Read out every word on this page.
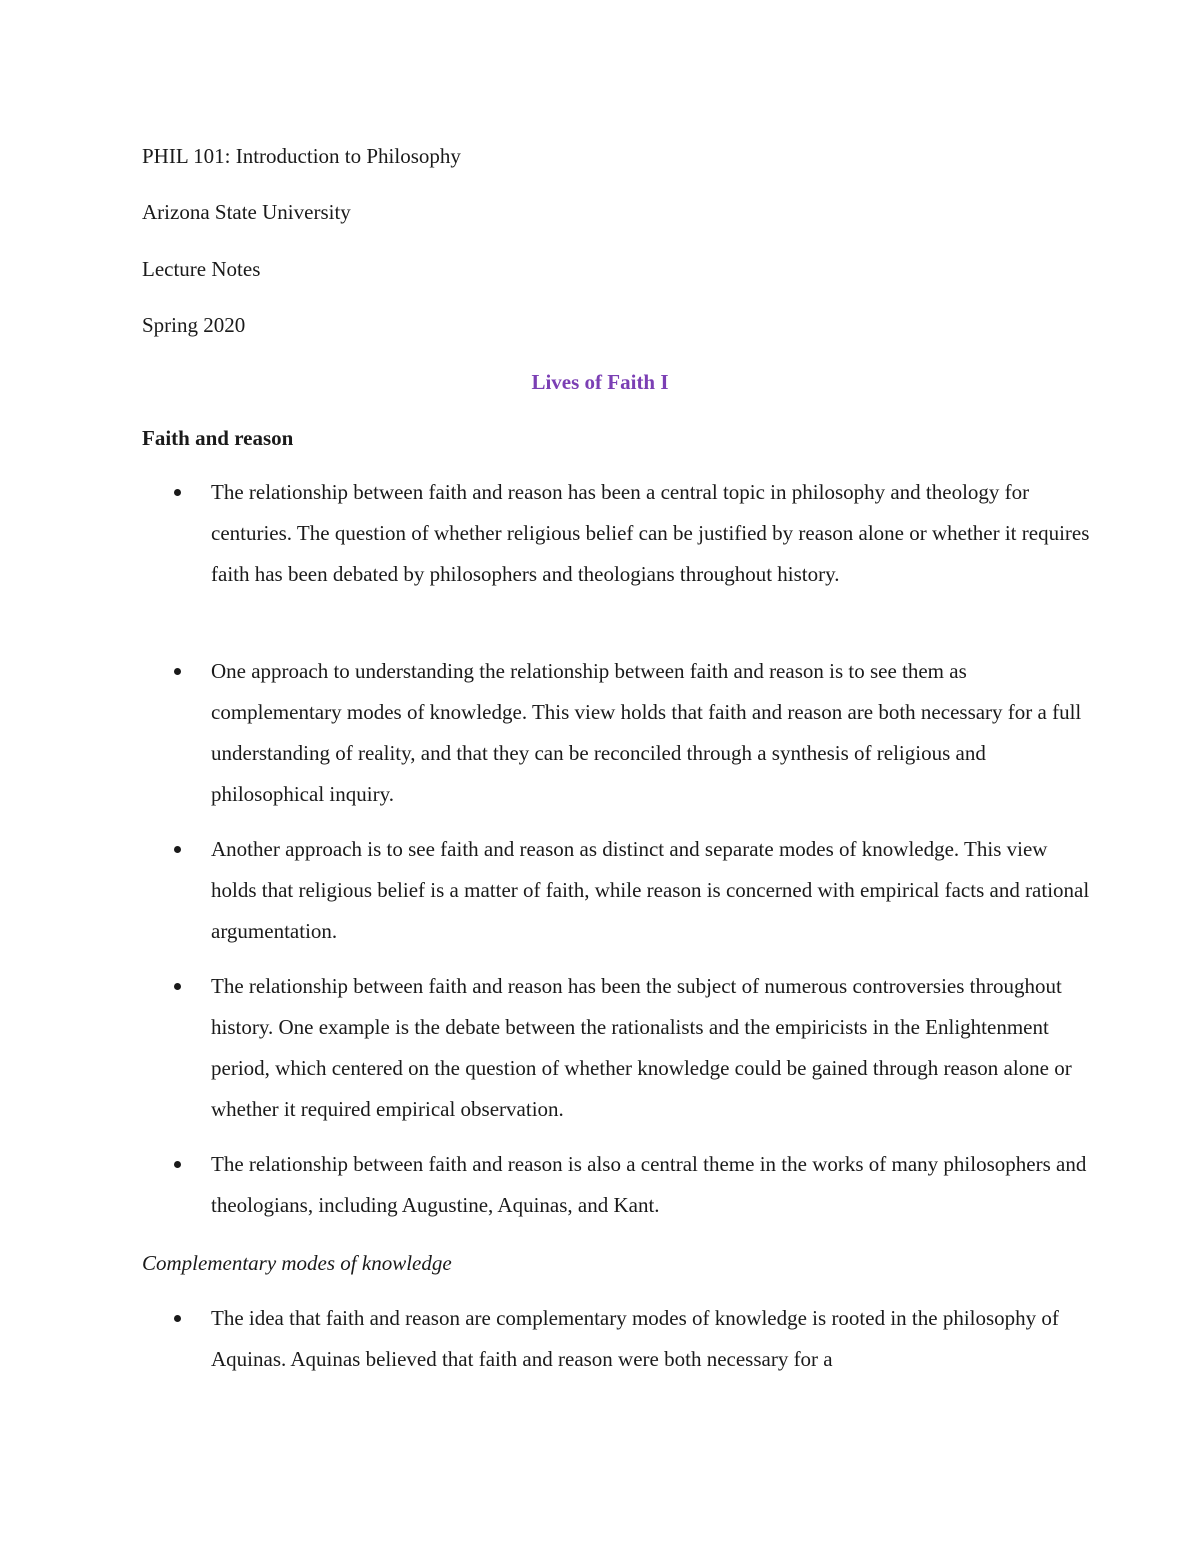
PHIL 101: Introduction to Philosophy
Arizona State University
Lecture Notes
Spring 2020
Lives of Faith I
Faith and reason

The relationship between faith and reason has been a central topic in philosophy and theology for centuries. The question of whether religious belief can be justified by reason alone or whether it requires faith has been debated by philosophers and theologians throughout history.

One approach to understanding the relationship between faith and reason is to see them as complementary modes of knowledge. This view holds that faith and reason are both necessary for a full understanding of reality, and that they can be reconciled through a synthesis of religious and philosophical inquiry.

Another approach is to see faith and reason as distinct and separate modes of knowledge. This view holds that religious belief is a matter of faith, while reason is concerned with empirical facts and rational argumentation.

The relationship between faith and reason has been the subject of numerous controversies throughout history. One example is the debate between the rationalists and the empiricists in the Enlightenment period, which centered on the question of whether knowledge could be gained through reason alone or whether it required empirical observation.

The relationship between faith and reason is also a central theme in the works of many philosophers and theologians, including Augustine, Aquinas, and Kant.

Complementary modes of knowledge

The idea that faith and reason are complementary modes of knowledge is rooted in the philosophy of Aquinas. Aquinas believed that faith and reason were both necessary for a
